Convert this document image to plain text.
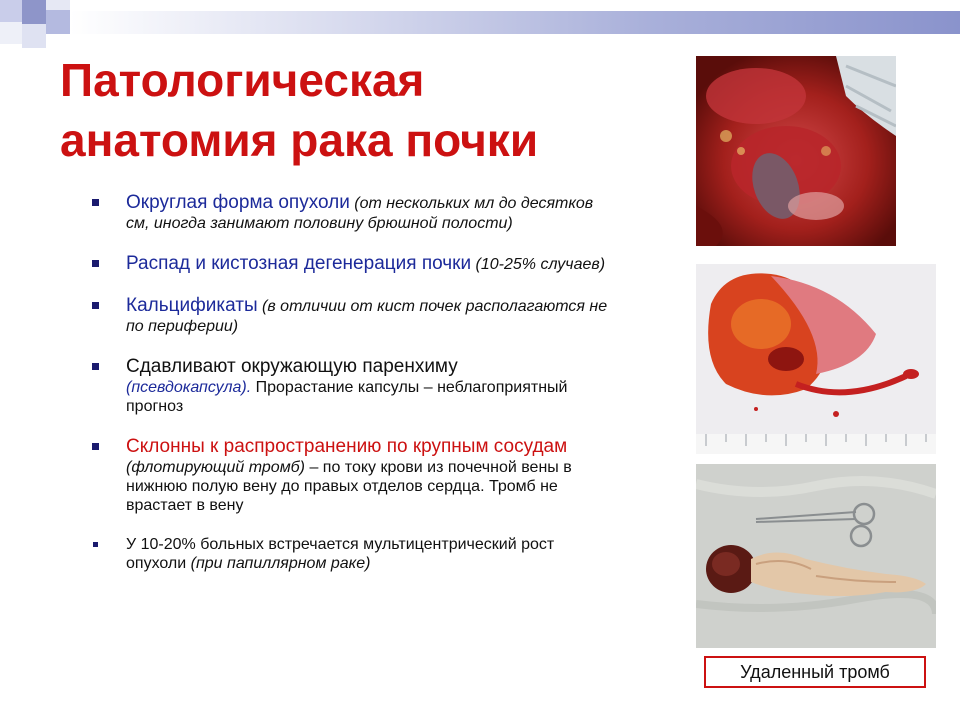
Патологическая
анатомия рака почки
Округлая форма опухоли (от нескольких мл до десятков см, иногда занимают половину брюшной полости)
Распад и кистозная дегенерация почки (10-25% случаев)
Кальцификаты (в отличии от кист почек располагаются не по периферии)
Сдавливают окружающую паренхиму
(псевдокапсула). Прорастание капсулы – неблагоприятный прогноз
Склонны к распространению по крупным сосудам (флотирующий тромб) – по току крови из почечной вены в нижнюю полую вену до правых отделов сердца. Тромб не врастает в вену
У 10-20% больных встречается мультицентрический рост опухоли (при папиллярном раке)
Удаленный тромб
